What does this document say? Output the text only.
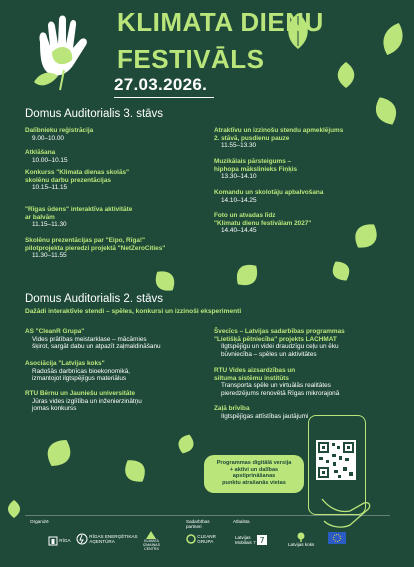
KLIMATA DIENU
FESTIVĀLS
27.03.2026.
Domus Auditorialis 3. stāvs
Dalībnieku reģistrācija
9.00–10.00
Atklāšana
10.00–10.15
Konkurss "Klimata dienas skolās"
skolēnu darbu prezentācijas
10.15–11.15
"Rīgas ūdens" interaktīva aktivitāte
ar balvām
11.15–11.30
Skolēnu prezentācijas par "Eipo, Rīga!"
pilotprojekta pieredzi projektā "NetZeroCities"
11.30–11.55
Atraktīvu un izzinošu stendu apmeklējums
2. stāvā, pusdienu pauze
11.55–13.30
Muzikālais pārsteigums –
hiphopa mākslinieks Fiņķis
13.30–14.10
Komandu un skolotāju apbalvošana
14.10–14.25
Foto un atvadas līdz
"Klimatu dienu festivālam 2027"
14.40–14.45
Domus Auditorialis 2. stāvs
Dažādi interaktīvie stendi – spēles, konkursi un izzinoši eksperimenti
AS "CleanR Grupa"
Vides prātības meistarklase – mācāmies
šķirot, sargāt dabu un atpazīt zaļmaldināšanu
Asociācija "Latvijas koks"
Radošās darbnīcas bioekonomikā,
izmantojot ilgtspējīgus materiālus
RTU Bērnu un Jauniešu universitāte
Jūras vides izglītība un inženierzinātņu
jomas konkurss
Švecīcs – Latvijas sadarbības programmas
"Lietišķā pētniecība" projekts LACHMAT
Ilgtspējīgu un videi draudzīgu ceļu un ēku
būvniecība – spēles un aktivitātes
RTU Vides aizsardzības un
siltuma sistēmu institūts
Transporta spēle un virtuālās realitātes
pieredzējums renovētā Rīgas mikrorajonā
Zaļā brīvība
Ilgtspējīgas attīstības jautājumi
Programmas digitālā versija
+ aktīvi un dalības apstiprināšanas
punktu atrašanās vietas
Organizē	Sadarbības
partneri
Atbalsta
RĪGA
RĪGAS ENERĢĒTIKAS
AĢENTŪRA	KLIMATA
IZMAIŅAS
CENTRS
CLEANR
GRUPA
Latvijas
Mobilais 7 7	Latvijas koks
